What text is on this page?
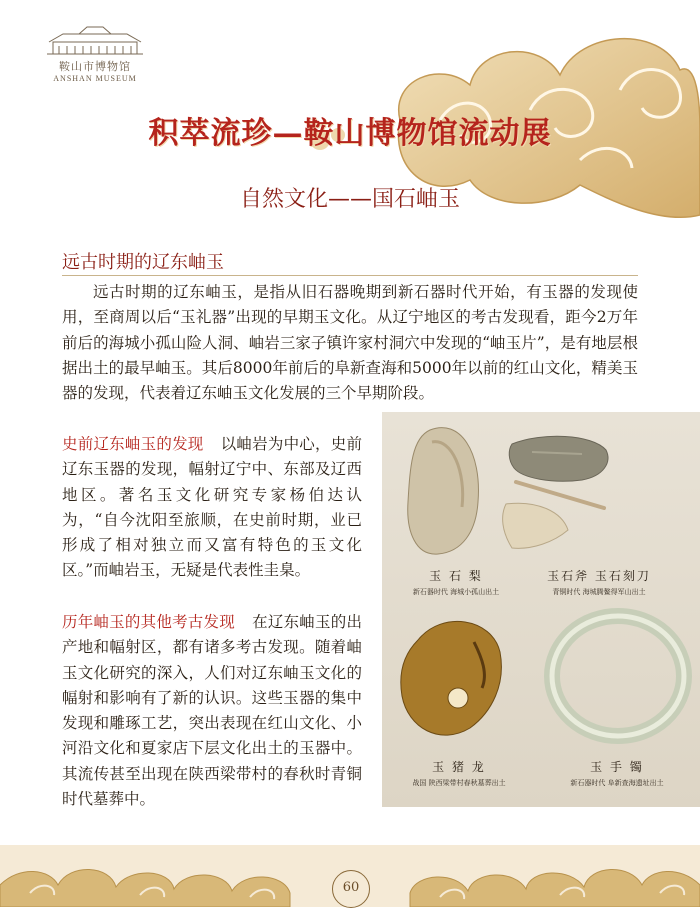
鞍山市博物馆
ANSHAN MUSEUM
积萃流珍—鞍山博物馆流动展
自然文化——国石岫玉
远古时期的辽东岫玉
远古时期的辽东岫玉，是指从旧石器晚期到新石器时代开始，有玉器的发现使用，至商周以后“玉礼器”出现的早期玉文化。从辽宁地区的考古发现看，距今2万年前后的海城小孤山险人洞、岫岩三家子镇许家村洞穴中发现的“岫玉片”，是有地层根据出土的最早岫玉。其后8000年前后的阜新查海和5000年以前的红山文化，精美玉器的发现，代表着辽东岫玉文化发展的三个早期阶段。
史前辽东岫玉的发现 以岫岩为中心，史前辽东玉器的发现，幅射辽宁中、东部及辽西地区。著名玉文化研究专家杨伯达认为，“自今沈阳至旅顺，在史前时期，业已形成了相对独立而又富有特色的玉文化区。”而岫岩玉，无疑是代表性圭臬。
历年岫玉的其他考古发现 在辽东岫玉的出产地和幅射区，都有诸多考古发现。随着岫玉文化研究的深入，人们对辽东岫玉文化的幅射和影响有了新的认识。这些玉器的集中发现和雕琢工艺，突出表现在红山文化、小河沿文化和夏家店下层文化出土的玉器中。其流传甚至出现在陕西梁带村的春秋时青铜时代墓葬中。
玉 石 梨
新石器时代 海城小孤山出土
玉石斧 玉石刻刀
青铜时代 海城腾鳌得军山出土
玉 猪 龙
战国 陕西梁带村春秋墓葬出土
玉 手 镯
新石器时代 阜新查海遗址出土
60
